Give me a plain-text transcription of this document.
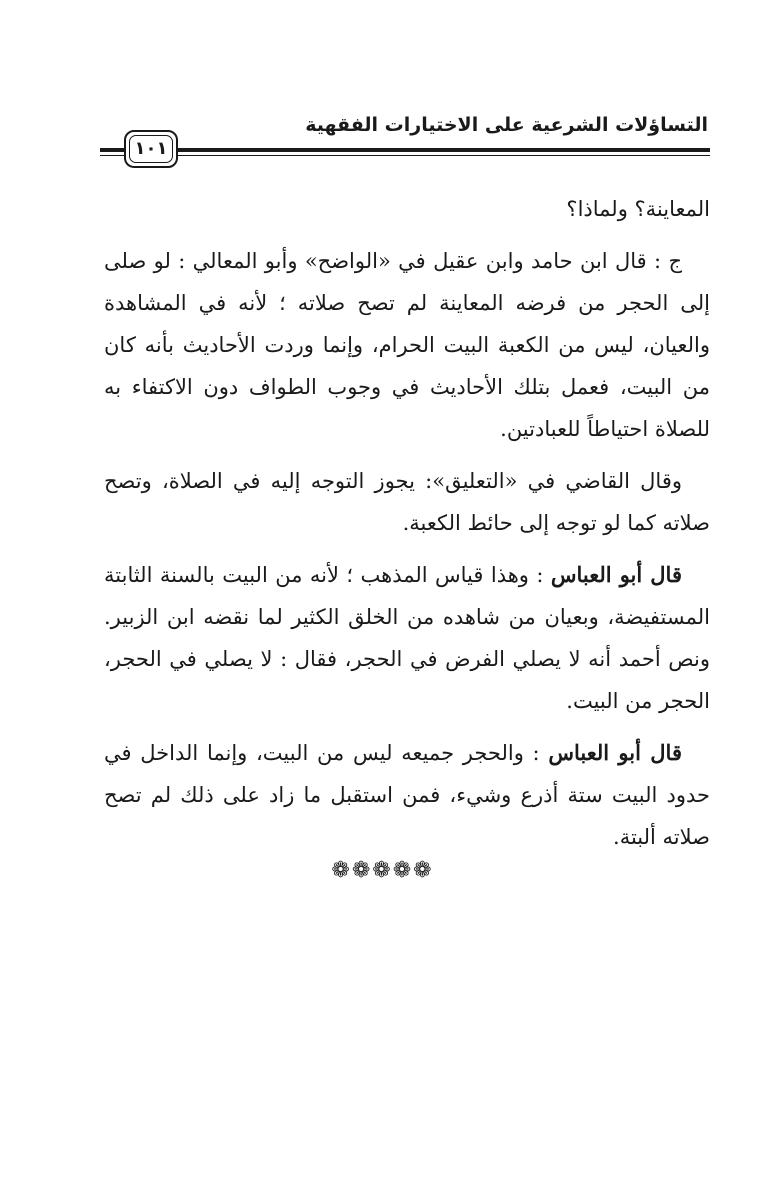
التساؤلات الشرعية على الاختيارات الفقهية
١٠١

المعاينة؟ ولماذا؟

ج : قال ابن حامد وابن عقيل في «الواضح» وأبو المعالي : لو صلى إلى الحجر من فرضه المعاينة لم تصح صلاته ؛ لأنه في المشاهدة والعيان، ليس من الكعبة البيت الحرام، وإنما وردت الأحاديث بأنه كان من البيت، فعمل بتلك الأحاديث في وجوب الطواف دون الاكتفاء به للصلاة احتياطاً للعبادتين.

وقال القاضي في «التعليق»: يجوز التوجه إليه في الصلاة، وتصح صلاته كما لو توجه إلى حائط الكعبة.

قال أبو العباس : وهذا قياس المذهب ؛ لأنه من البيت بالسنة الثابتة المستفيضة، وبعيان من شاهده من الخلق الكثير لما نقضه ابن الزبير. ونص أحمد أنه لا يصلي الفرض في الحجر، فقال : لا يصلي في الحجر، الحجر من البيت.

قال أبو العباس : والحجر جميعه ليس من البيت، وإنما الداخل في حدود البيت ستة أذرع وشيء، فمن استقبل ما زاد على ذلك لم تصح صلاته ألبتة.

❁❁❁❁❁
